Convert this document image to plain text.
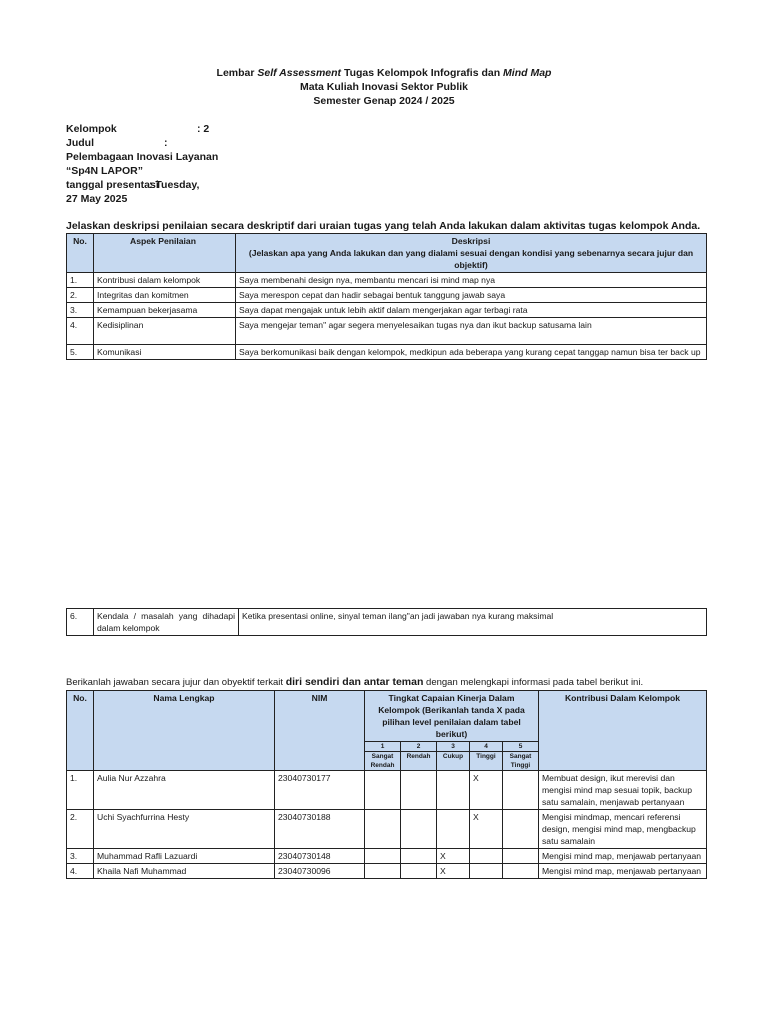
Lembar Self Assessment Tugas Kelompok Infografis dan Mind Map
Mata Kuliah Inovasi Sektor Publik
Semester Genap 2024 / 2025
Kelompok	: 2
Judul	:
Pelembagaan Inovasi Layanan
“Sp4N LAPOR”
tanggal presentasi
: Tuesday,
27 May 2025
Jelaskan deskripsi penilaian secara deskriptif dari uraian tugas yang telah Anda lakukan dalam aktivitas tugas kelompok Anda.
No.	Aspek Penilaian	Deskripsi
(Jelaskan apa yang Anda lakukan dan yang dialami sesuai dengan kondisi yang sebenarnya secara jujur dan objektif)

1.	Kontribusi dalam kelompok	Saya membenahi design nya, membantu mencari isi mind map nya
2.	Integritas dan komitmen	Saya merespon cepat dan hadir sebagai bentuk tanggung jawab saya
3.	Kemampuan bekerjasama	Saya dapat mengajak untuk lebih aktif dalam mengerjakan agar terbagi rata
4.	Kedisiplinan	Saya mengejar teman" agar segera menyelesaikan tugas nya dan ikut backup satusama lain
5.	Komunikasi	Saya berkomunikasi baik dengan kelompok, medkipun ada beberapa yang kurang cepat tanggap namun bisa ter back up
6.	Kendala / masalah yang dihadapi dalam kelompok	Ketika presentasi online, sinyal teman ilang"an jadi jawaban nya kurang maksimal
Berikanlah jawaban secara jujur dan obyektif terkait diri sendiri dan antar teman dengan melengkapi informasi pada tabel berikut ini.
No.	Nama Lengkap	NIM	Tingkat Capaian Kinerja Dalam Kelompok (Berikanlah tanda X pada pilihan level penilaian dalam tabel berikut)					Kontribusi Dalam Kelompok
			1	2	3	4	5	
			Sangat Rendah	Rendah	Cukup	Tinggi	Sangat Tinggi	
1.	Aulia Nur Azzahra	23040730177				X		Membuat design, ikut merevisi dan mengisi mind map sesuai topik, backup satu samalain, menjawab pertanyaan
2.	Uchi Syachfurrina Hesty	23040730188				X		Mengisi mindmap, mencari referensi design, mengisi mind map, mengbackup satu samalain
3.	Muhammad Rafli Lazuardi	23040730148			X			Mengisi mind map, menjawab pertanyaan
4.	Khaila Nafi Muhammad	23040730096			X			Mengisi mind map, menjawab pertanyaan
